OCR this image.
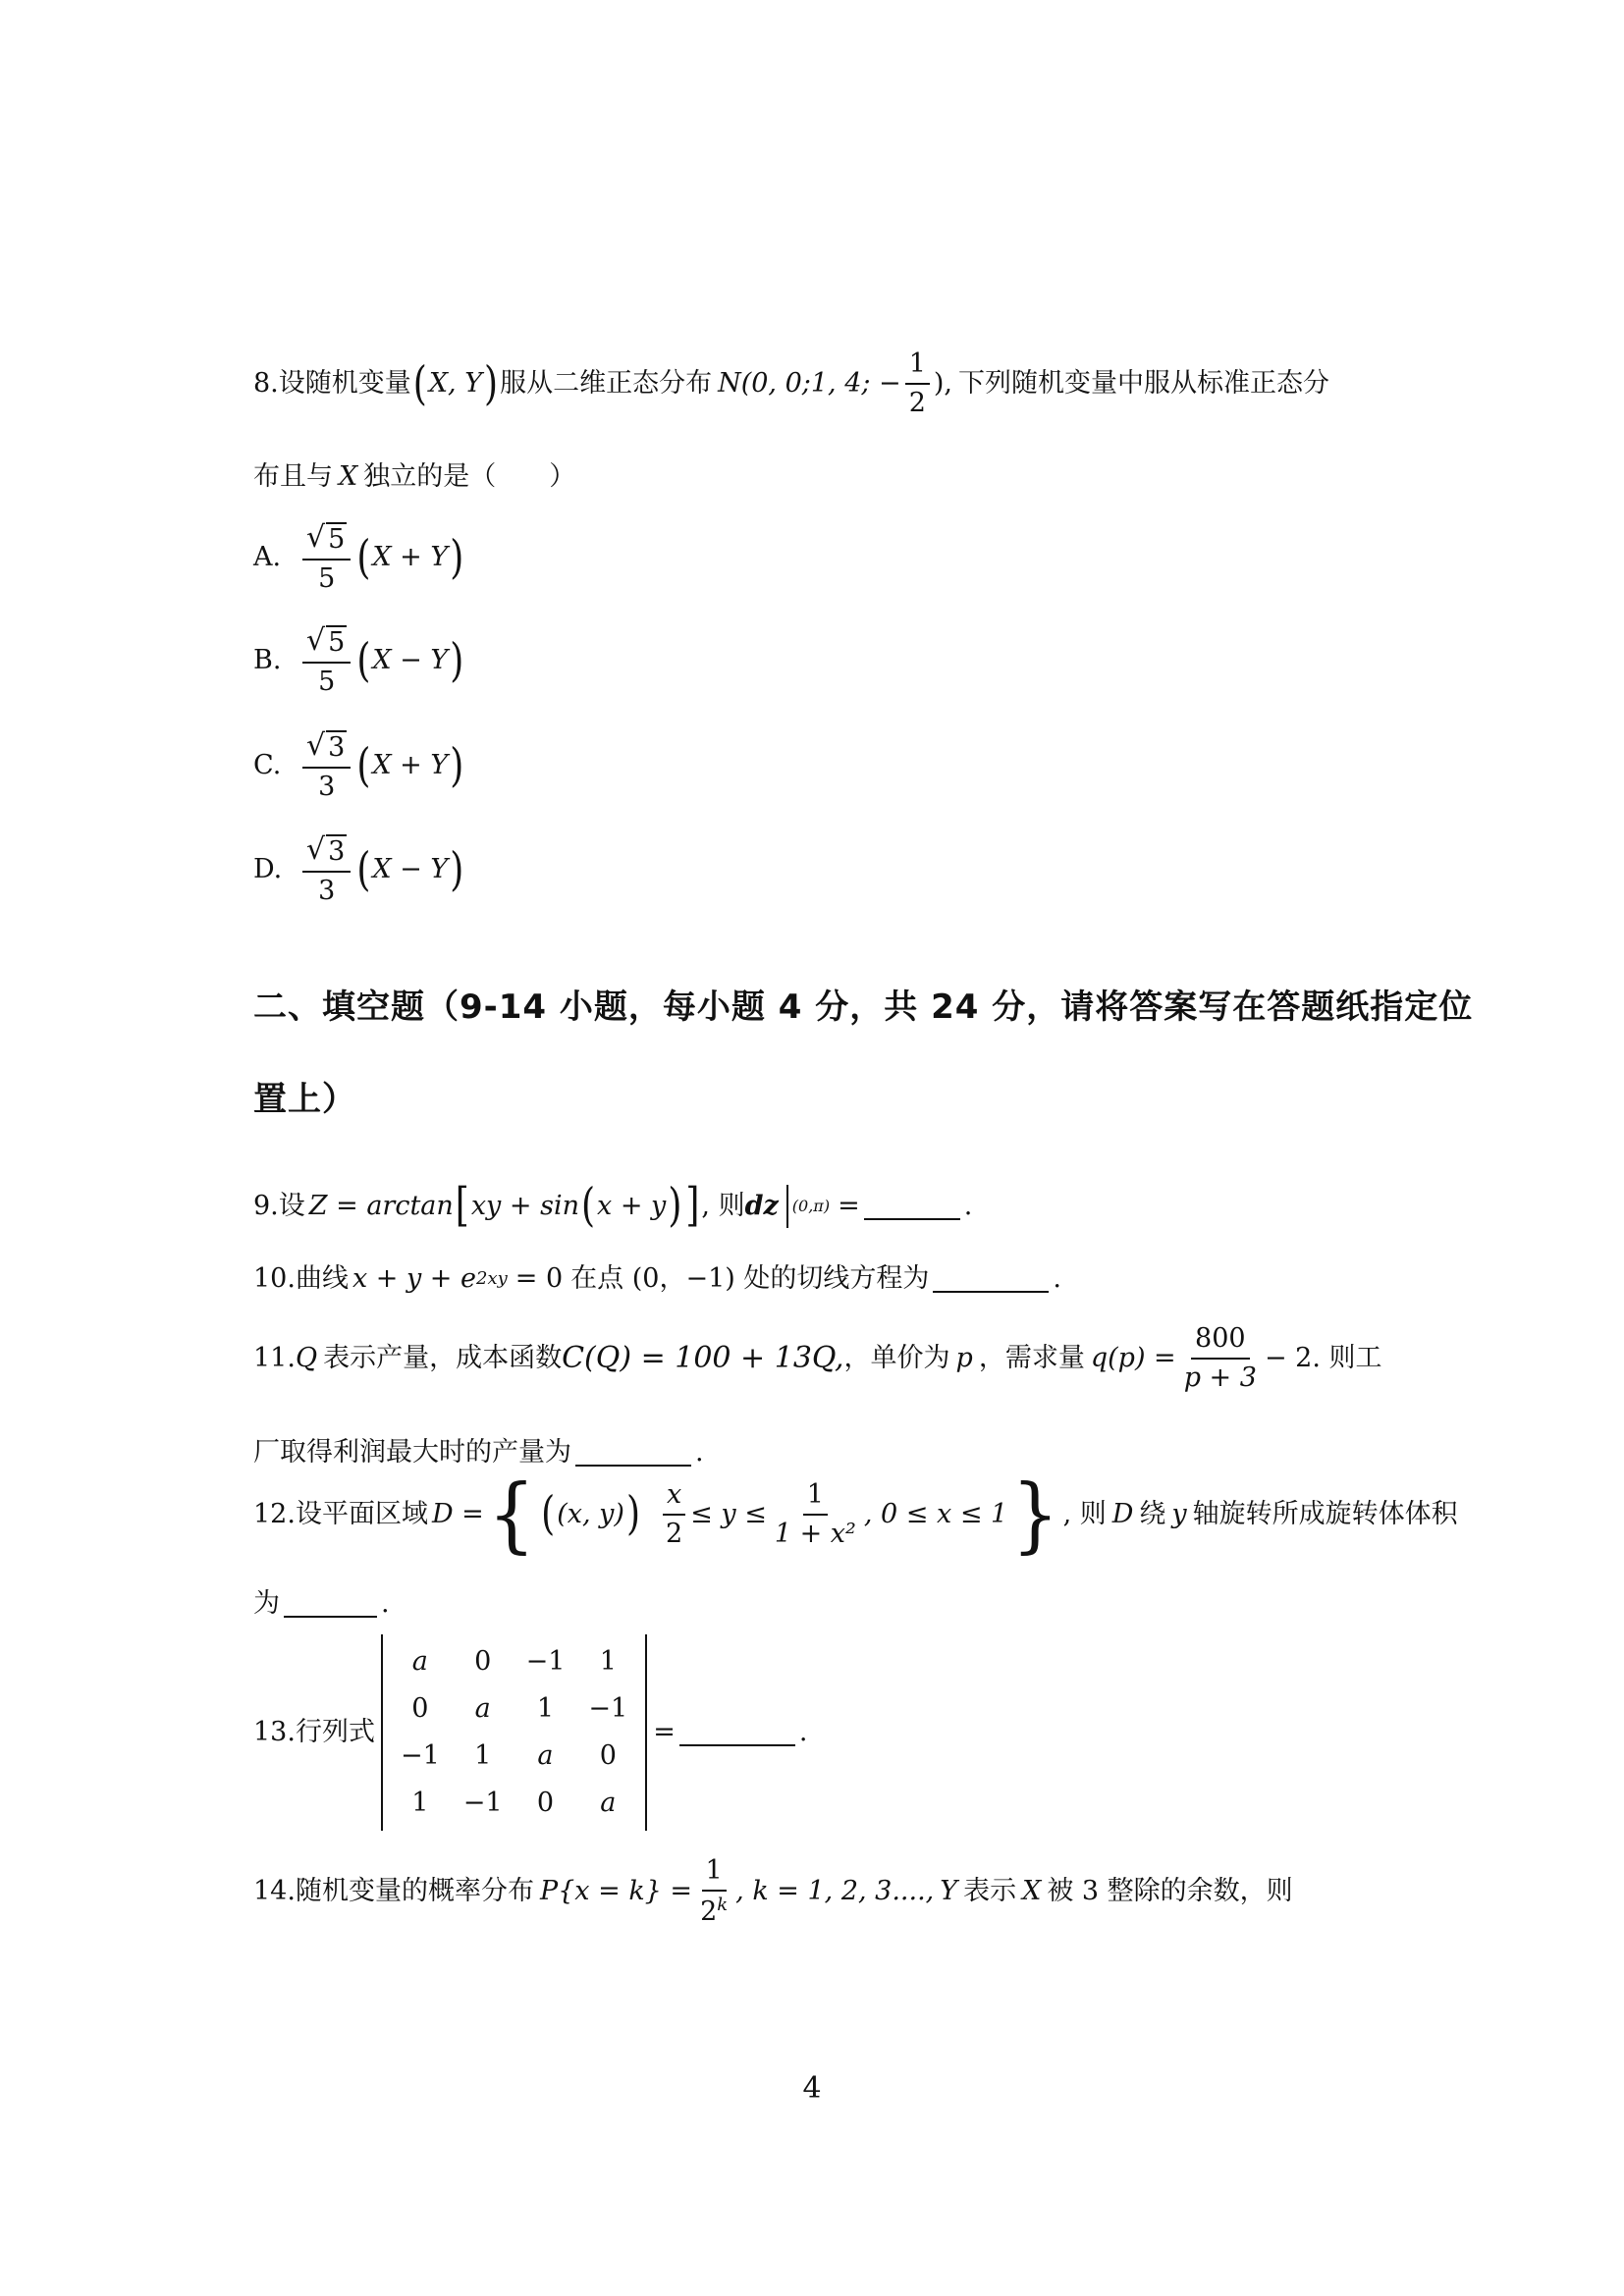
8.设随机变量 ( X, Y ) 服从二维正态分布 N(0, 0;1, 4; − $\frac{1}{2}$ ), 下列随机变量中服从标准正态分
布且与 X 独立的是（　　）
A. $\frac{√ 5}{5}$ ( X + Y )
B. $\frac{√ 5}{5}$ ( X − Y )
C. $\frac{√ 3}{3}$ ( X + Y )
D. $\frac{√ 3}{3}$ ( X − Y )
二、填空题（9-14 小题，每小题 4 分，共 24 分，请将答案写在答题纸指定位
置上）
9.设 Z = arctan [ xy + sin ( x + y ) ] , 则 dz (0,π) =	.
10.曲线 x + y + e 2xy = 0 在点 (0，−1) 处的切线方程为	.
11. Q 表示产量，成本函数 C(Q) = 100 + 13Q, ，单价为 p ，需求量 $q(p) = \frac{800}{p + 3} - 2$. 则工
厂取得利润最大时的产量为	.
12.设平面区域 D = { ( (x, y) ) $\frac{x}{2} \le y \le \frac{1}{\text{1 + x²}}$ , 0 ≤ x ≤ 1 } , 则 D 绕 y 轴旋转所成旋转体体积
为	.
13.行列式
a	0	−1	1
0	a	1	−1
−1	1	a	0
1	−1	0	a
=	.
14.随机变量的概率分布 $P\{x = k\} = \frac{1}{2^k}$ , k = 1, 2, 3...., Y 表示 X 被 3 整除的余数，则
4
